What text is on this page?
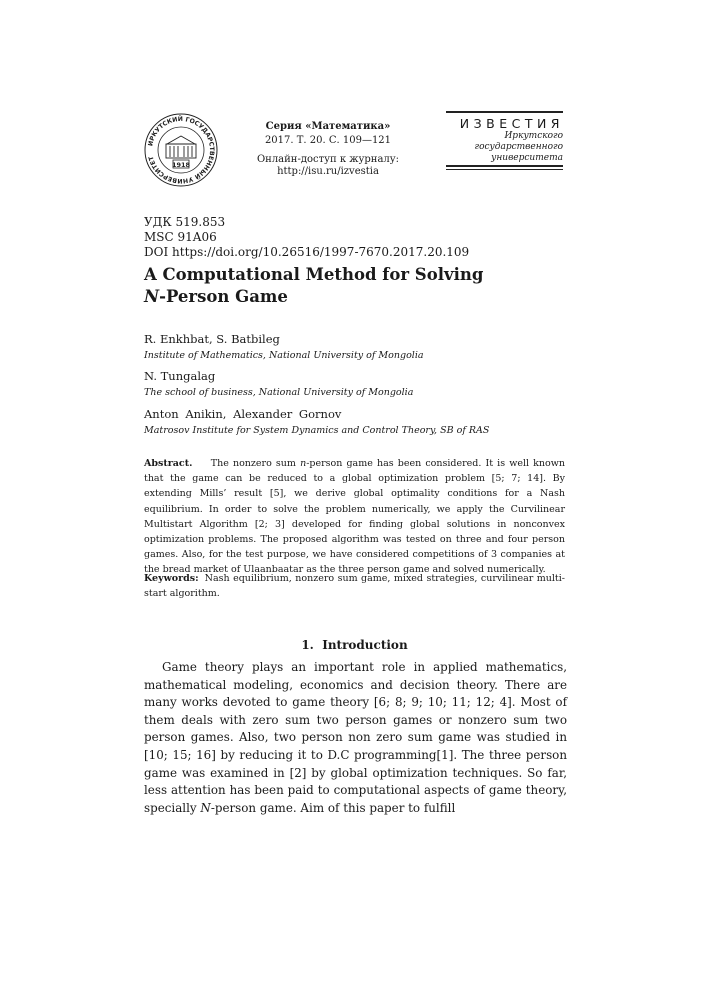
ИРКУТСКИЙ ГОСУДАРСТВЕННЫЙ УНИВЕРСИТЕТ
1918
Серия «Математика»
2017. Т. 20. С. 109—121
Онлайн-доступ к журналу:
http://isu.ru/izvestia
ИЗВЕСТИЯ
Иркутского
государственного
университета
УДК 519.853
MSC 91A06
DOI https://doi.org/10.26516/1997-7670.2017.20.109
A Computational Method for Solving
N-Person Game
R. Enkhbat, S. Batbileg
Institute of Mathematics, National University of Mongolia
N. Tungalag
The school of business, National University of Mongolia
Anton Anikin, Alexander Gornov
Matrosov Institute for System Dynamics and Control Theory, SB of RAS
Abstract. The nonzero sum n-person game has been considered. It is well known that the game can be reduced to a global optimization problem [5; 7; 14]. By extending Mills’ result [5], we derive global optimality conditions for a Nash equilibrium. In order to solve the problem numerically, we apply the Curvilinear Multistart Algorithm [2; 3] developed for finding global solutions in nonconvex optimization problems. The proposed algorithm was tested on three and four person games. Also, for the test purpose, we have considered competitions of 3 companies at the bread market of Ulaanbaatar as the three person game and solved numerically.
Keywords: Nash equilibrium, nonzero sum game, mixed strategies, curvilinear multi-start algorithm.
1. Introduction
Game theory plays an important role in applied mathematics, mathematical modeling, economics and decision theory. There are many works devoted to game theory [6; 8; 9; 10; 11; 12; 4]. Most of them deals with zero sum two person games or nonzero sum two person games. Also, two person non zero sum game was studied in [10; 15; 16] by reducing it to D.C programming[1]. The three person game was examined in [2] by global optimization techniques. So far, less attention has been paid to computational aspects of game theory, specially N-person game. Aim of this paper to fulfill
